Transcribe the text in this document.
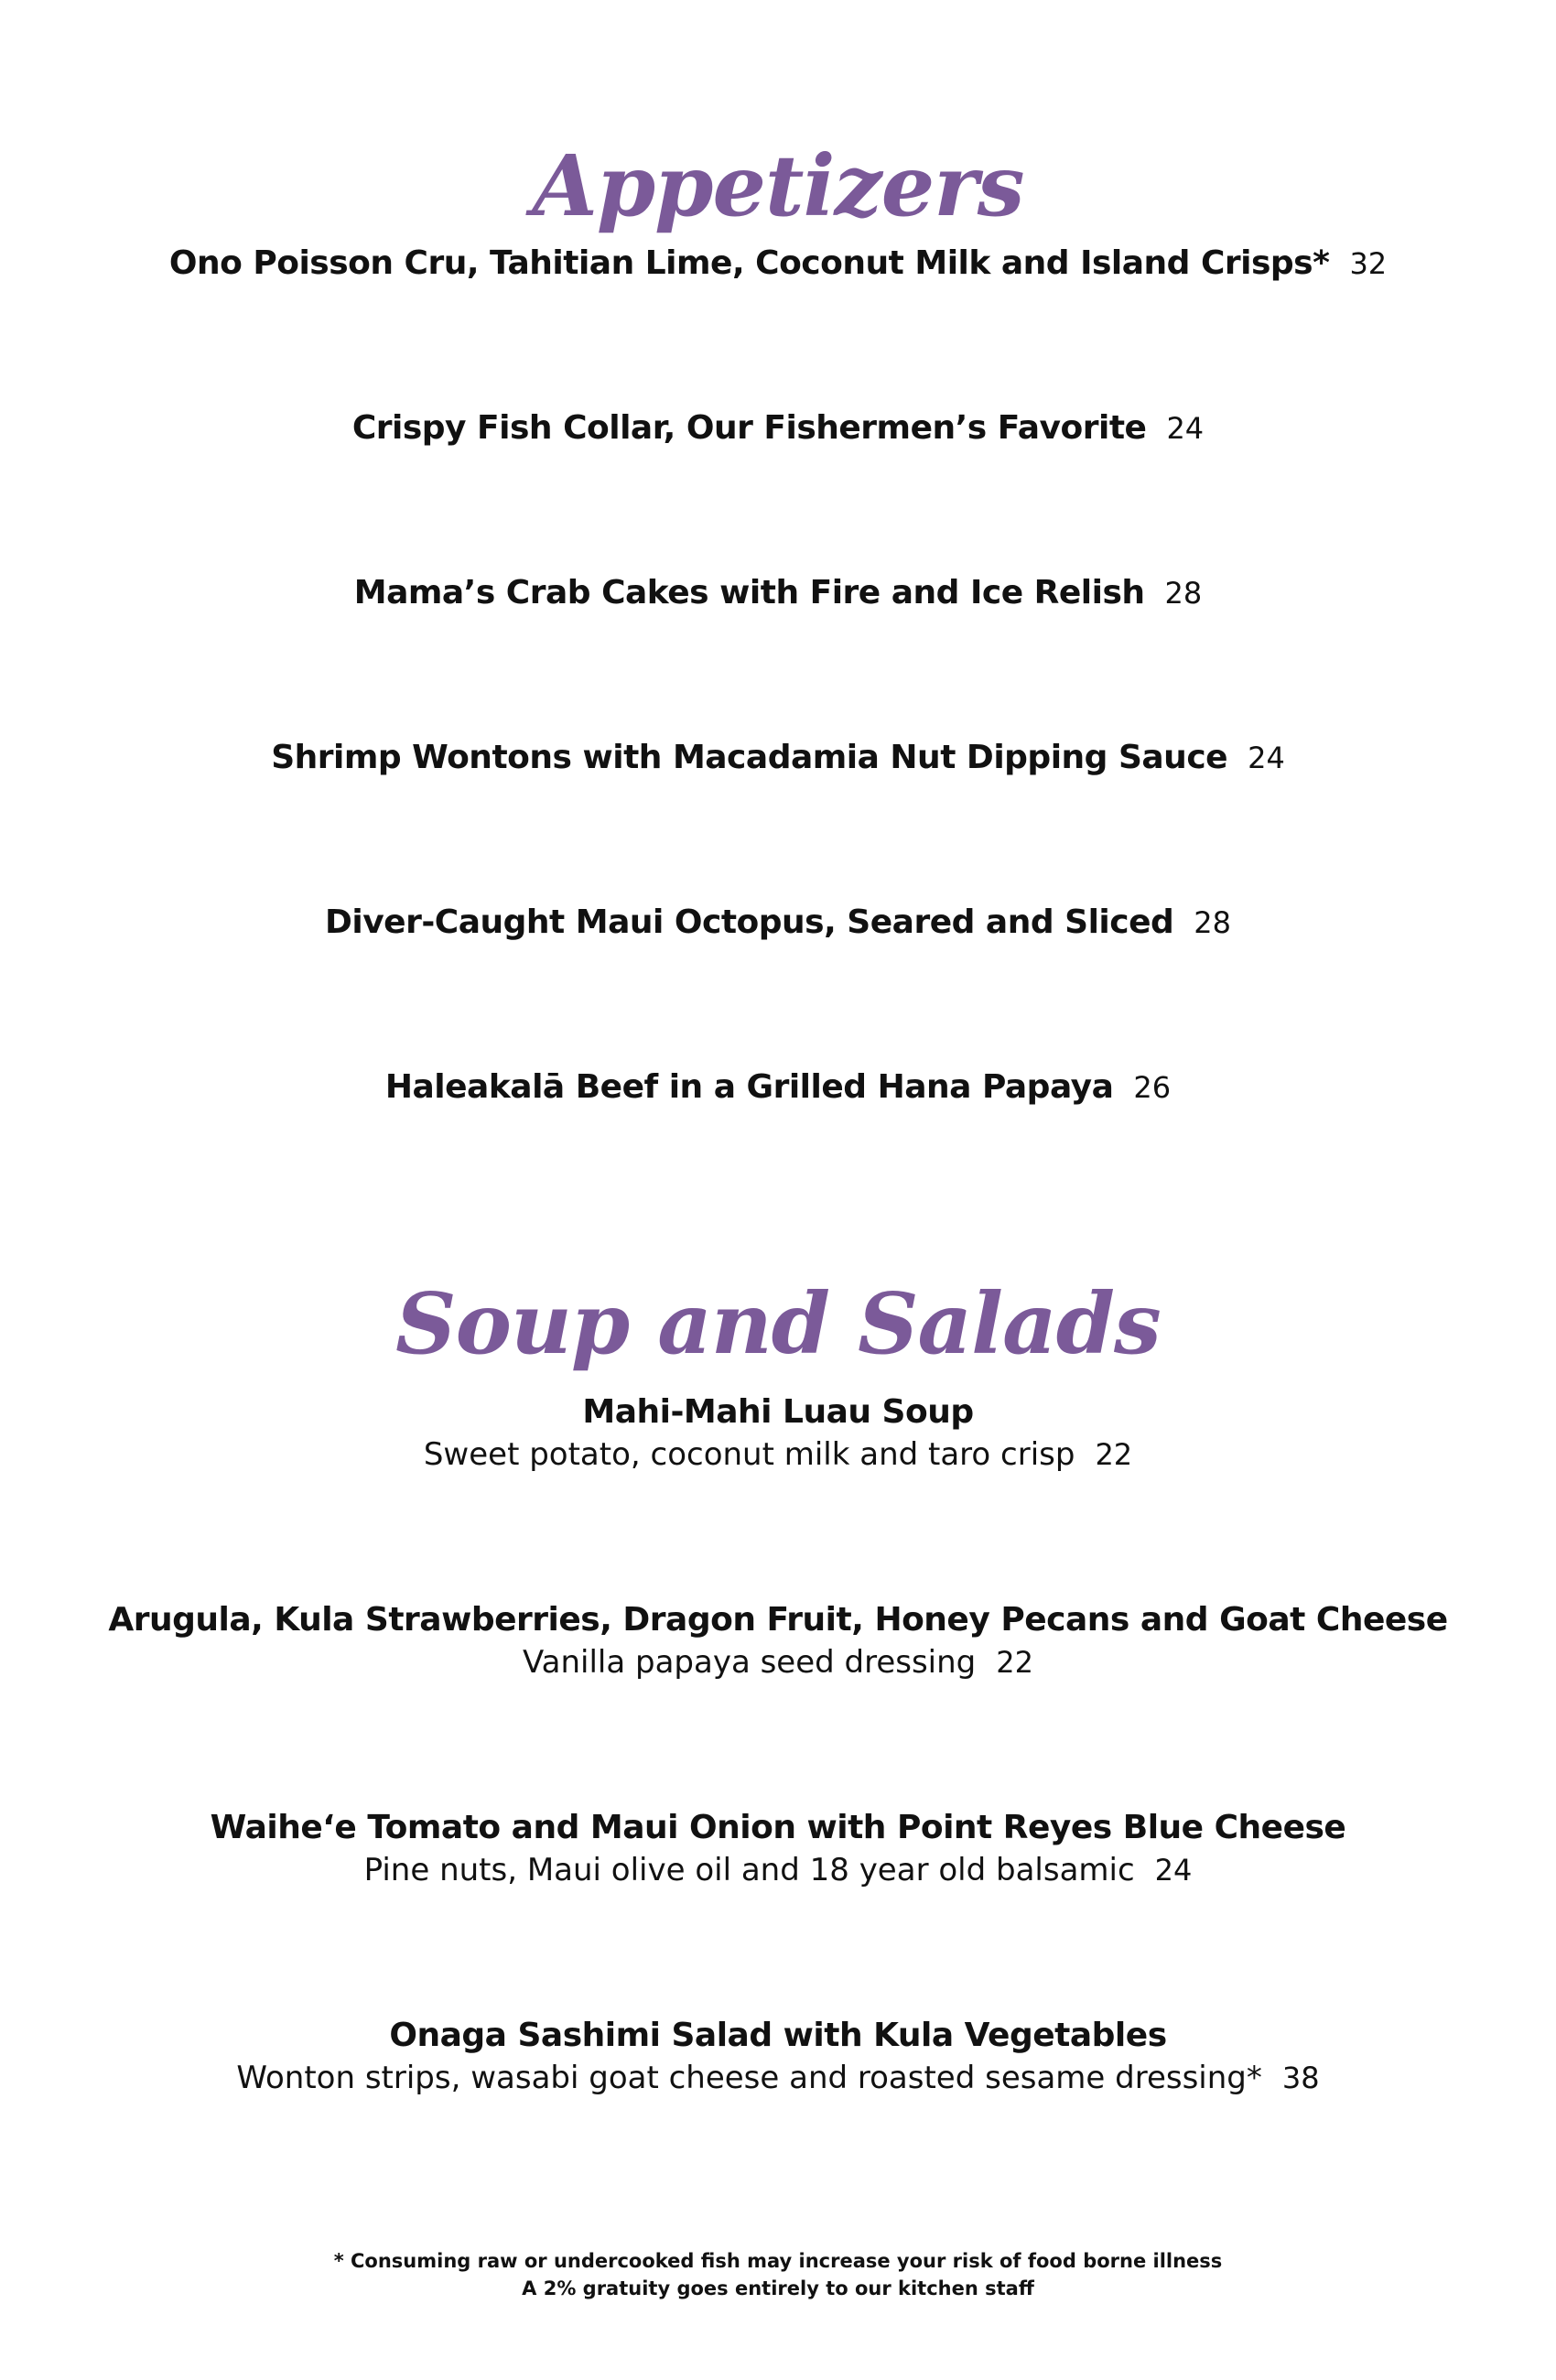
Appetizers
Ono Poisson Cru, Tahitian Lime, Coconut Milk and Island Crisps* 32
Crispy Fish Collar, Our Fishermen’s Favorite 24
Mama’s Crab Cakes with Fire and Ice Relish 28
Shrimp Wontons with Macadamia Nut Dipping Sauce 24
Diver-Caught Maui Octopus, Seared and Sliced 28
Haleakalā Beef in a Grilled Hana Papaya 26
Soup and Salads
Mahi-Mahi Luau Soup
Sweet potato, coconut milk and taro crisp 22
Arugula, Kula Strawberries, Dragon Fruit, Honey Pecans and Goat Cheese
Vanilla papaya seed dressing 22
Waihe‘e Tomato and Maui Onion with Point Reyes Blue Cheese
Pine nuts, Maui olive oil and 18 year old balsamic 24
Onaga Sashimi Salad with Kula Vegetables
Wonton strips, wasabi goat cheese and roasted sesame dressing* 38
* Consuming raw or undercooked fish may increase your risk of food borne illness
A 2% gratuity goes entirely to our kitchen staff
